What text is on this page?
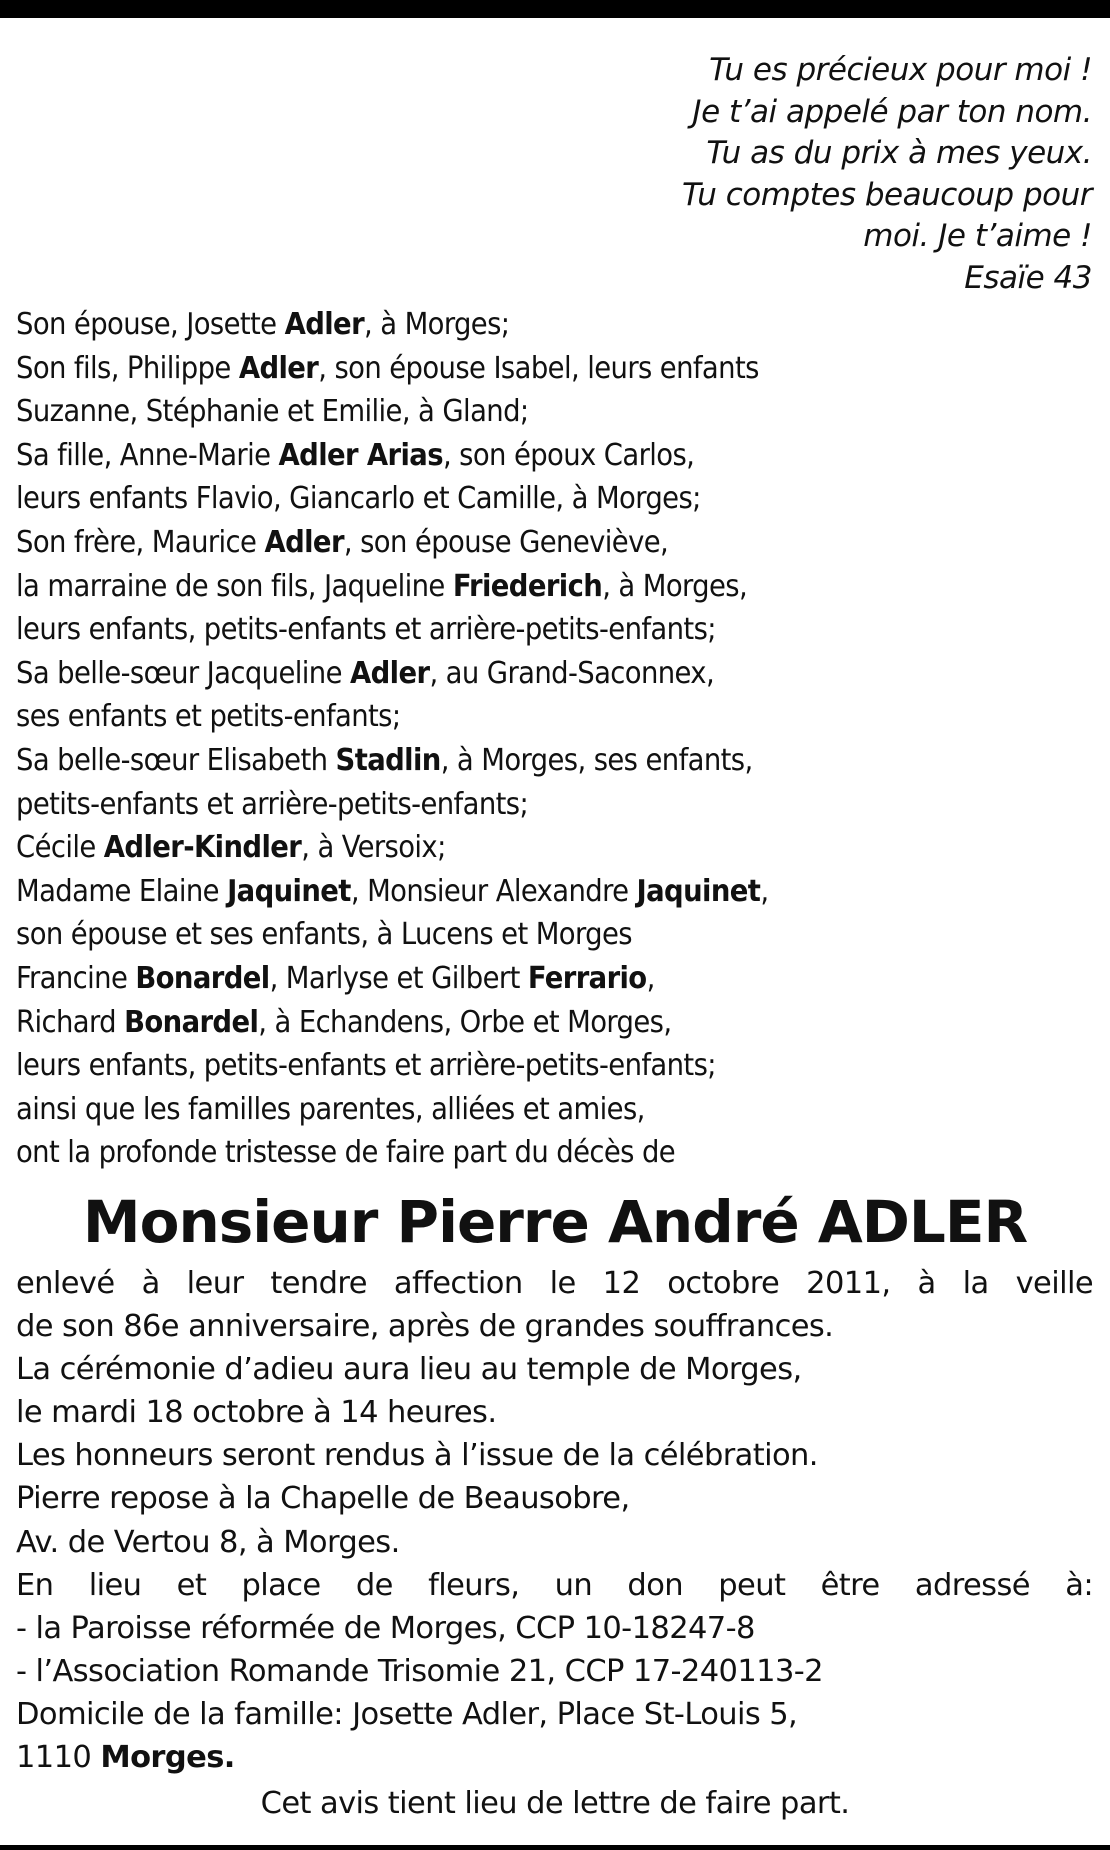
Tu es précieux pour moi !
Je t’ai appelé par ton nom.
Tu as du prix à mes yeux.
Tu comptes beaucoup pour
moi. Je t’aime !
Esaïe 43
Son épouse, Josette Adler, à Morges;
Son fils, Philippe Adler, son épouse Isabel, leurs enfants
Suzanne, Stéphanie et Emilie, à Gland;
Sa fille, Anne-Marie Adler Arias, son époux Carlos,
leurs enfants Flavio, Giancarlo et Camille, à Morges;
Son frère, Maurice Adler, son épouse Geneviève,
la marraine de son fils, Jaqueline Friederich, à Morges,
leurs enfants, petits-enfants et arrière-petits-enfants;
Sa belle-sœur Jacqueline Adler, au Grand-Saconnex,
ses enfants et petits-enfants;
Sa belle-sœur Elisabeth Stadlin, à Morges, ses enfants,
petits-enfants et arrière-petits-enfants;
Cécile Adler-Kindler, à Versoix;
Madame Elaine Jaquinet, Monsieur Alexandre Jaquinet,
son épouse et ses enfants, à Lucens et Morges
Francine Bonardel, Marlyse et Gilbert Ferrario,
Richard Bonardel, à Echandens, Orbe et Morges,
leurs enfants, petits-enfants et arrière-petits-enfants;
ainsi que les familles parentes, alliées et amies,
ont la profonde tristesse de faire part du décès de
Monsieur Pierre André ADLER
enlevé à leur tendre affection le 12 octobre 2011, à la veille
de son 86e anniversaire, après de grandes souffrances.
La cérémonie d’adieu aura lieu au temple de Morges,
le mardi 18 octobre à 14 heures.
Les honneurs seront rendus à l’issue de la célébration.
Pierre repose à la Chapelle de Beausobre,
Av. de Vertou 8, à Morges.
En lieu et place de fleurs, un don peut être adressé à:
- la Paroisse réformée de Morges, CCP 10-18247-8
- l’Association Romande Trisomie 21, CCP 17-240113-2
Domicile de la famille: Josette Adler, Place St-Louis 5,
1110 Morges.
Cet avis tient lieu de lettre de faire part.
